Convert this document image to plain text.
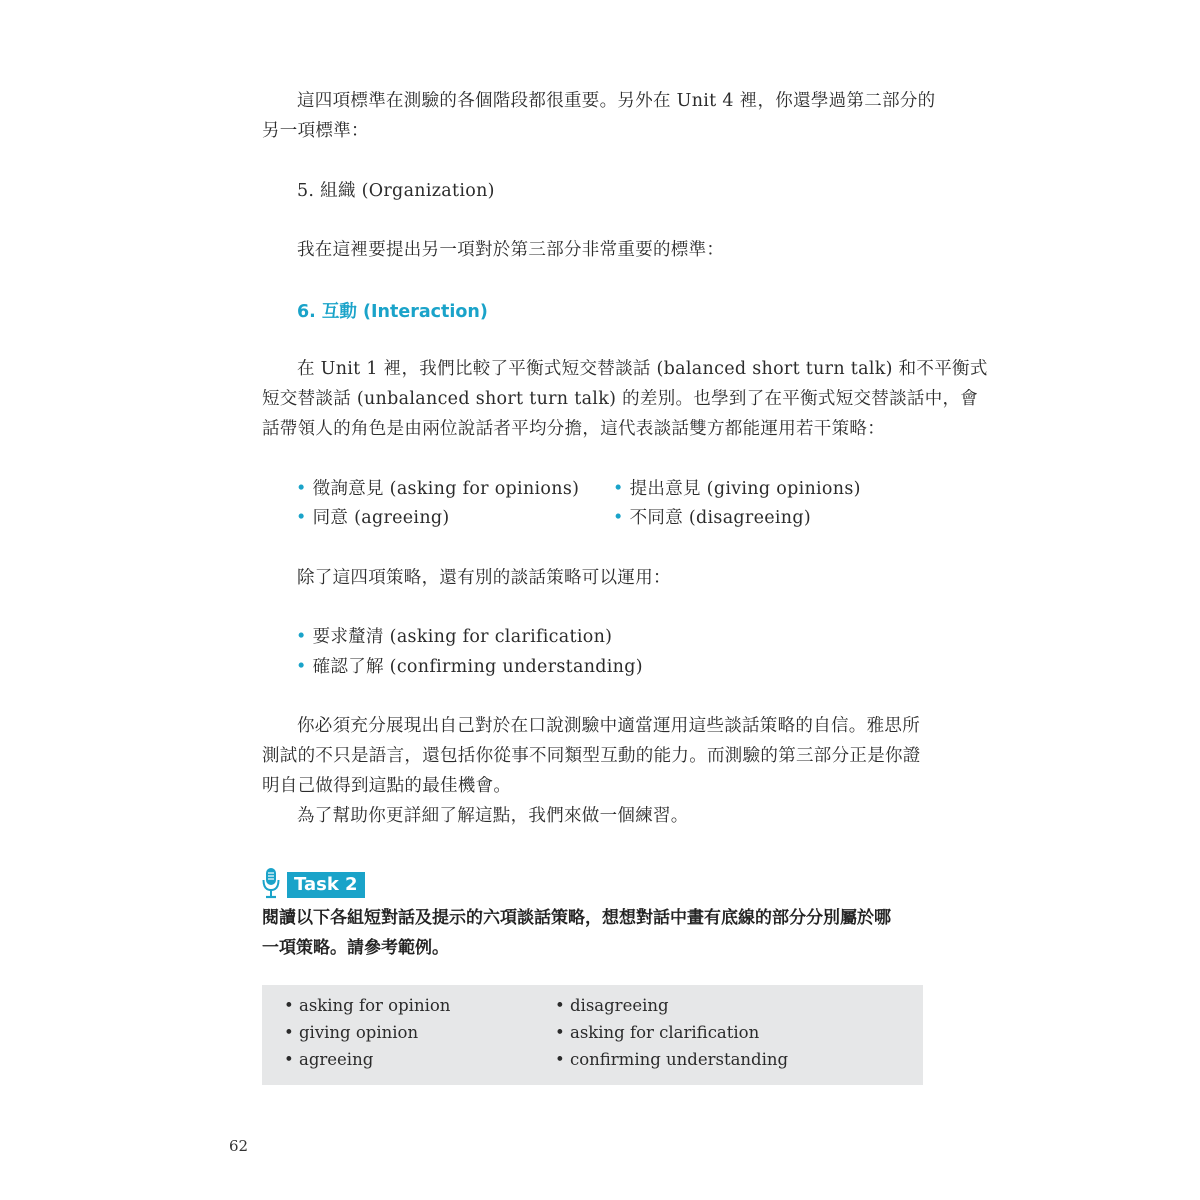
這四項標準在測驗的各個階段都很重要。另外在 Unit 4 裡，你還學過第二部分的
另一項標準：
5. 組織 (Organization)
我在這裡要提出另一項對於第三部分非常重要的標準：
6. 互動 (Interaction)
在 Unit 1 裡，我們比較了平衡式短交替談話 (balanced short turn talk) 和不平衡式
短交替談話 (unbalanced short turn talk) 的差別。也學到了在平衡式短交替談話中，會
話帶領人的角色是由兩位說話者平均分擔，這代表談話雙方都能運用若干策略：
• 徵詢意見 (asking for opinions) • 提出意見 (giving opinions)
• 同意 (agreeing)	• 不同意 (disagreeing)
除了這四項策略，還有別的談話策略可以運用：
• 要求釐清 (asking for clarification)
• 確認了解 (confirming understanding)
你必須充分展現出自己對於在口說測驗中適當運用這些談話策略的自信。雅思所
測試的不只是語言，還包括你從事不同類型互動的能力。而測驗的第三部分正是你證
明自己做得到這點的最佳機會。
為了幫助你更詳細了解這點，我們來做一個練習。
Task 2
閱讀以下各組短對話及提示的六項談話策略，想想對話中畫有底線的部分分別屬於哪
一項策略。請參考範例。
• asking for opinion	• disagreeing
• giving opinion	• asking for clarification
• agreeing	• confirming understanding
62
